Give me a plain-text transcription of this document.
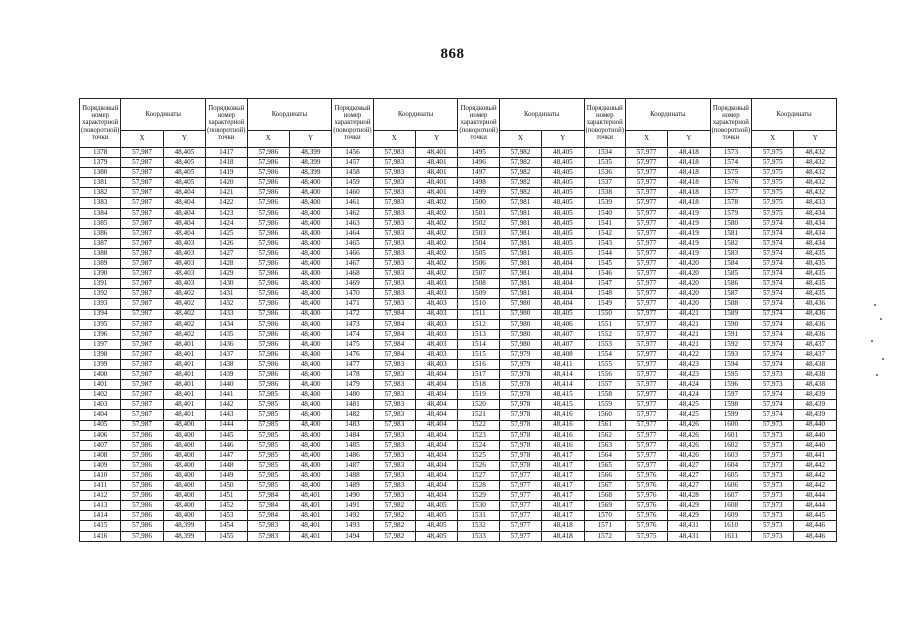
868
Порядковый номер характерной (поворотной) точки	Координаты		Порядковый номер характерной (поворотной) точки	Координаты		Порядковый номер характерной (поворотной) точки	Координаты		Порядковый номер характерной (поворотной) точки	Координаты		Порядковый номер характерной (поворотной) точки	Координаты		Порядковый номер характерной (поворотной) точки	Координаты	
	X	Y		X	Y		X	Y		X	Y		X	Y		X	Y
1378	57,987	48,405	1417	57,986	48,399	1456	57,983	48,401	1495	57,982	48,405	1534	57,977	48,418	1573	57,975	48,432
1379	57,987	48,405	1418	57,986	48,399	1457	57,983	48,401	1496	57,982	48,405	1535	57,977	48,418	1574	57,975	48,432
1380	57,987	48,405	1419	57,986	48,399	1458	57,983	48,401	1497	57,982	48,405	1536	57,977	48,418	1575	57,975	48,432
1381	57,987	48,405	1420	57,986	48,400	1459	57,983	48,401	1498	57,982	48,405	1537	57,977	48,418	1576	57,975	48,432
1382	57,987	48,404	1421	57,986	48,400	1460	57,983	48,401	1499	57,982	48,405	1538	57,977	48,418	1577	57,975	48,432
1383	57,987	48,404	1422	57,986	48,400	1461	57,983	48,402	1500	57,981	48,405	1539	57,977	48,418	1578	57,975	48,433
1384	57,987	48,404	1423	57,986	48,400	1462	57,983	48,402	1501	57,981	48,405	1540	57,977	48,419	1579	57,975	48,434
1385	57,987	48,404	1424	57,986	48,400	1463	57,983	48,402	1502	57,981	48,405	1541	57,977	48,419	1580	57,974	48,434
1386	57,987	48,404	1425	57,986	48,400	1464	57,983	48,402	1503	57,981	48,405	1542	57,977	48,419	1581	57,974	48,434
1387	57,987	48,403	1426	57,986	48,400	1465	57,983	48,402	1504	57,981	48,405	1543	57,977	48,419	1582	57,974	48,434
1388	57,987	48,403	1427	57,986	48,400	1466	57,983	48,402	1505	57,981	48,405	1544	57,977	48,419	1583	57,974	48,435
1389	57,987	48,403	1428	57,986	48,400	1467	57,983	48,402	1506	57,981	48,404	1545	57,977	48,420	1584	57,974	48,435
1390	57,987	48,403	1429	57,986	48,400	1468	57,983	48,402	1507	57,981	48,404	1546	57,977	48,420	1585	57,974	48,435
1391	57,987	48,403	1430	57,986	48,400	1469	57,983	48,403	1508	57,981	48,404	1547	57,977	48,420	1586	57,974	48,435
1392	57,987	48,402	1431	57,986	48,400	1470	57,983	48,403	1509	57,981	48,404	1548	57,977	48,420	1587	57,974	48,435
1393	57,987	48,402	1432	57,986	48,400	1471	57,983	48,403	1510	57,980	48,404	1549	57,977	48,420	1588	57,974	48,436
1394	57,987	48,402	1433	57,986	48,400	1472	57,984	48,403	1511	57,980	48,405	1550	57,977	48,421	1589	57,974	48,436
1395	57,987	48,402	1434	57,986	48,400	1473	57,984	48,403	1512	57,980	48,406	1551	57,977	48,421	1590	57,974	48,436
1396	57,987	48,402	1435	57,986	48,400	1474	57,984	48,403	1513	57,980	48,407	1552	57,977	48,421	1591	57,974	48,436
1397	57,987	48,401	1436	57,986	48,400	1475	57,984	48,403	1514	57,980	48,407	1553	57,977	48,421	1592	57,974	48,437
1398	57,987	48,401	1437	57,986	48,400	1476	57,984	48,403	1515	57,979	48,408	1554	57,977	48,422	1593	57,974	48,437
1399	57,987	48,401	1438	57,986	48,400	1477	57,983	48,403	1516	57,979	48,411	1555	57,977	48,423	1594	57,974	48,438
1400	57,987	48,401	1439	57,986	48,400	1478	57,983	48,404	1517	57,978	48,414	1556	57,977	48,423	1595	57,973	48,438
1401	57,987	48,401	1440	57,986	48,400	1479	57,983	48,404	1518	57,978	48,414	1557	57,977	48,424	1596	57,973	48,438
1402	57,987	48,401	1441	57,985	48,400	1480	57,983	48,404	1519	57,978	48,415	1558	57,977	48,424	1597	57,974	48,439
1403	57,987	48,401	1442	57,985	48,400	1481	57,983	48,404	1520	57,978	48,415	1559	57,977	48,425	1598	57,974	48,439
1404	57,987	48,401	1443	57,985	48,400	1482	57,983	48,404	1521	57,978	48,416	1560	57,977	48,425	1599	57,974	48,439
1405	57,987	48,400	1444	57,985	48,400	1483	57,983	48,404	1522	57,978	48,416	1561	57,977	48,426	1600	57,973	48,440
1406	57,986	48,400	1445	57,985	48,400	1484	57,983	48,404	1523	57,978	48,416	1562	57,977	48,426	1601	57,973	48,440
1407	57,986	48,400	1446	57,985	48,400	1485	57,983	48,404	1524	57,978	48,416	1563	57,977	48,426	1602	57,973	48,440
1408	57,986	48,400	1447	57,985	48,400	1486	57,983	48,404	1525	57,978	48,417	1564	57,977	48,426	1603	57,973	48,441
1409	57,986	48,400	1448	57,985	48,400	1487	57,983	48,404	1526	57,978	48,417	1565	57,977	48,427	1604	57,973	48,442
1410	57,986	48,400	1449	57,985	48,400	1488	57,983	48,404	1527	57,977	48,417	1566	57,976	48,427	1605	57,973	48,442
1411	57,986	48,400	1450	57,985	48,400	1489	57,983	48,404	1528	57,977	48,417	1567	57,976	48,427	1606	57,973	48,442
1412	57,986	48,400	1451	57,984	48,401	1490	57,983	48,404	1529	57,977	48,417	1568	57,976	48,428	1607	57,973	48,444
1413	57,986	48,400	1452	57,984	48,401	1491	57,982	48,405	1530	57,977	48,417	1569	57,976	48,429	1608	57,973	48,444
1414	57,986	48,400	1453	57,984	48,401	1492	57,982	48,405	1531	57,977	48,417	1570	57,976	48,429	1609	57,973	48,445
1415	57,986	48,399	1454	57,983	48,401	1493	57,982	48,405	1532	57,977	48,418	1571	57,976	48,431	1610	57,973	48,446
1416	57,986	48,399	1455	57,983	48,401	1494	57,982	48,405	1533	57,977	48,418	1572	57,975	48,431	1611	57,973	48,446
